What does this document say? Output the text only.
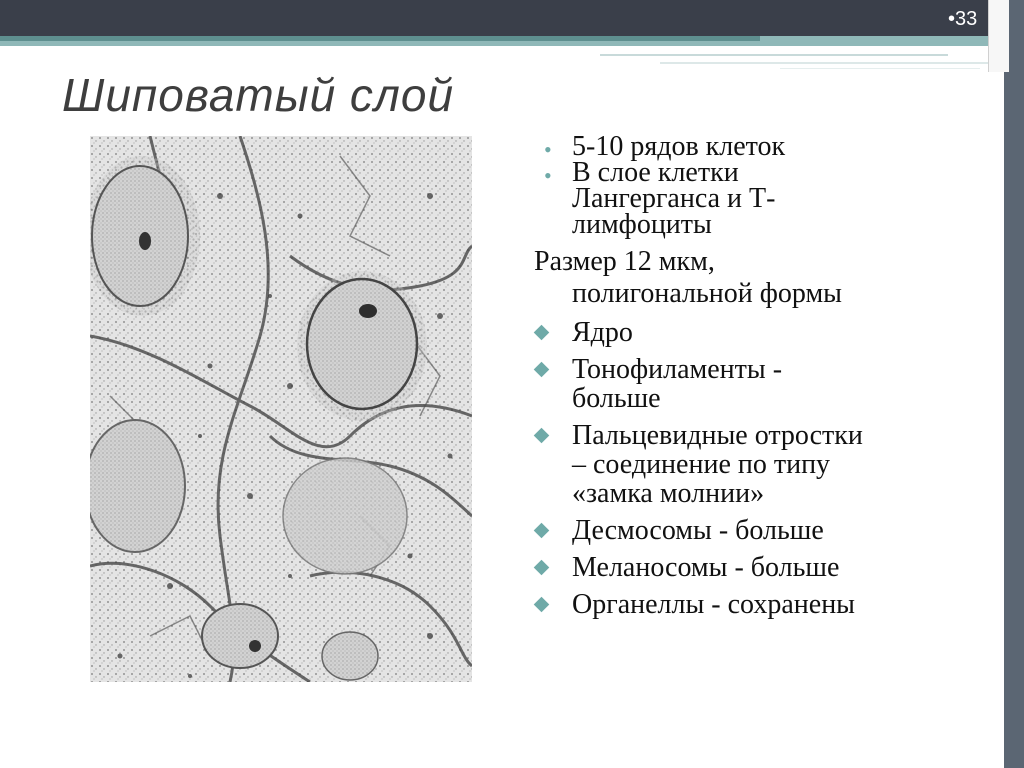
•33
Шиповатый слой
• 5-10 рядов клеток
• В слое клетки
Лангерганса и Т-
лимфоциты
Размер 12 мкм,
полигональной формы
Ядро
Тонофиламенты -
больше
Пальцевидные отростки
– соединение по типу
«замка молнии»
Десмосомы - больше
Меланосомы - больше
Органеллы - сохранены
